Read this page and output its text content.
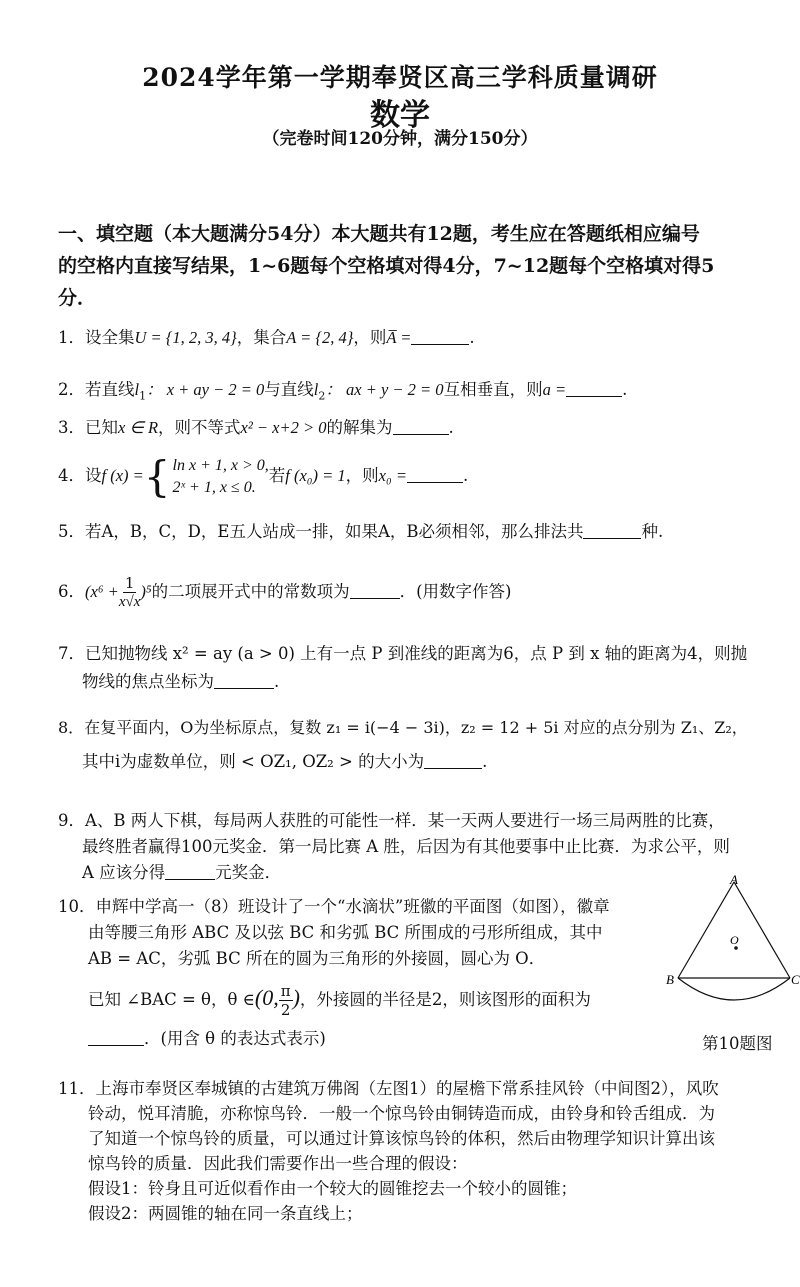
2024学年第一学期奉贤区高三学科质量调研
数学
（完卷时间120分钟，满分150分）
一、填空题（本大题满分54分）本大题共有12题，考生应在答题纸相应编号
的空格内直接写结果，1~6题每个空格填对得4分，7~12题每个空格填对得5
分．
1．设全集U = {1, 2, 3, 4}，集合A = {2, 4}，则A̅ =	.
2．若直线$l_1$： x + ay − 2 = 0与直线$l_2$： ax + y − 2 = 0互相垂直，则a =	.
3．已知x ∈ R，则不等式x² − x+2 > 0的解集为	.
4．设f (x) = { ln x + 1, x > 0,
2ˣ + 1, x ≤ 0.
若f (x₀) = 1，则x₀ =	.
5．若A，B，C，D，E五人站成一排，如果A，B必须相邻，那么排法共	种.
6．$(x^6 + \frac{1}{x√x} )^5$的二项展开式中的常数项为	．(用数字作答)
7．已知抛物线 x² = ay (a > 0) 上有一点 P 到准线的距离为6，点 P 到 x 轴的距离为4，则抛
物线的焦点坐标为	.
8．在复平面内，O为坐标原点，复数 z₁ = i(−4 − 3i)，z₂ = 12 + 5i 对应的点分别为 Z₁、Z₂，
其中i为虚数单位，则 < OZ₁, OZ₂ > 的大小为	.
9．A、B 两人下棋，每局两人获胜的可能性一样．某一天两人要进行一场三局两胜的比赛，
最终胜者赢得100元奖金．第一局比赛 A 胜，后因为有其他要事中止比赛．为求公平，则
A 应该分得	元奖金．
10．申辉中学高一（8）班设计了一个“水滴状”班徽的平面图（如图），徽章
由等腰三角形 ABC 及以弦 BC 和劣弧 BC 所围成的弓形所组成，其中
AB = AC，劣弧 BC 所在的圆为三角形的外接圆，圆心为 O．
已知 ∠BAC = θ，θ ∈(0, $\frac{\pi}{2}$ )，外接圆的半径是2，则该图形的面积为
．(用含 θ 的表达式表示)
A
B	C
O
第10题图
11．上海市奉贤区奉城镇的古建筑万佛阁（左图1）的屋檐下常系挂风铃（中间图2），风吹
铃动，悦耳清脆，亦称惊鸟铃．一般一个惊鸟铃由铜铸造而成，由铃身和铃舌组成．为
了知道一个惊鸟铃的质量，可以通过计算该惊鸟铃的体积，然后由物理学知识计算出该
惊鸟铃的质量．因此我们需要作出一些合理的假设：
假设1：铃身且可近似看作由一个较大的圆锥挖去一个较小的圆锥；
假设2：两圆锥的轴在同一条直线上；
